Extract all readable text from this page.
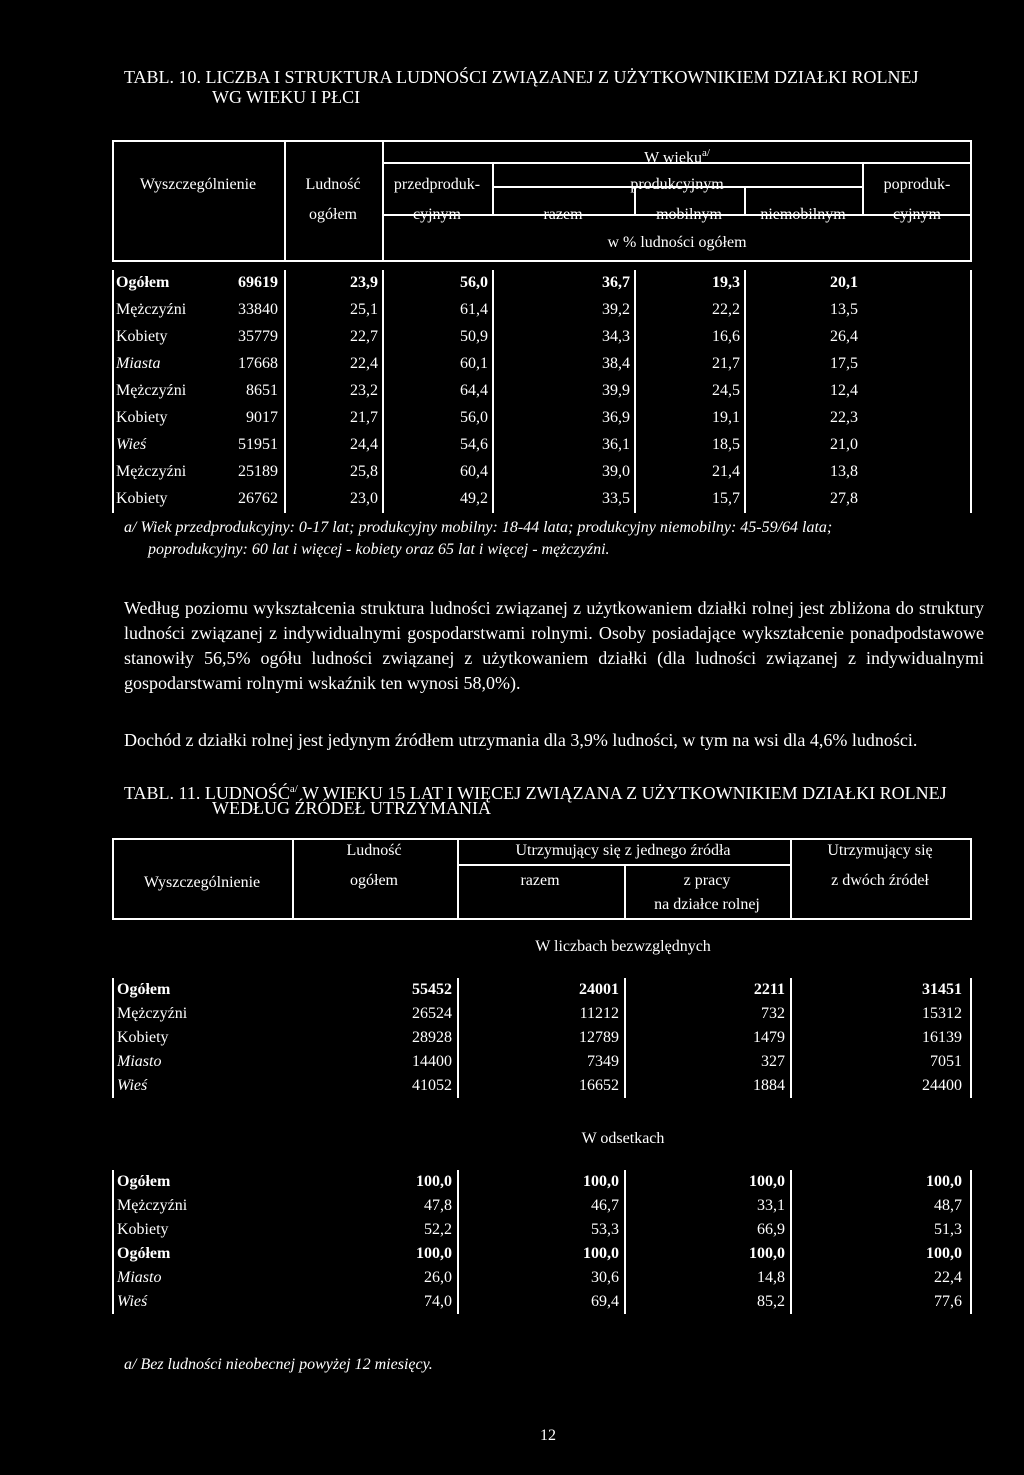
TABL. 10. LICZBA I STRUKTURA LUDNOŚCI ZWIĄZANEJ Z UŻYTKOWNIKIEM DZIAŁKI ROLNEJ
WG WIEKU I PŁCI
Wyszczególnienie	Ludność
ogółem
W wieku$^{a/}$
przedproduk-
cyjnym
produkcyjnym
razem	mobilnym niemobilnym
poproduk-
cyjnym
w % ludności ogółem
Ogółem	69619	23,9	56,0	36,7	19,3	20,1
Mężczyźni	33840	25,1	61,4	39,2	22,2	13,5
Kobiety	35779	22,7	50,9	34,3	16,6	26,4
Miasta	17668	22,4	60,1	38,4	21,7	17,5
Mężczyźni	8651	23,2	64,4	39,9	24,5	12,4
Kobiety	9017	21,7	56,0	36,9	19,1	22,3
Wieś	51951	24,4	54,6	36,1	18,5	21,0
Mężczyźni	25189	25,8	60,4	39,0	21,4	13,8
Kobiety	26762	23,0	49,2	33,5	15,7	27,8
a/ Wiek przedprodukcyjny: 0-17 lat; produkcyjny mobilny: 18-44 lata; produkcyjny niemobilny: 45-59/64 lata;
poprodukcyjny: 60 lat i więcej - kobiety oraz 65 lat i więcej - mężczyźni.
Według poziomu wykształcenia struktura ludności związanej z użytkowaniem działki rolnej jest zbliżona do struktury ludności związanej z indywidualnymi gospodarstwami rolnymi. Osoby posiadające wykształcenie ponadpodstawowe stanowiły 56,5% ogółu ludności związanej z użytkowaniem działki (dla ludności związanej z indywidualnymi gospodarstwami rolnymi wskaźnik ten wynosi 58,0%).
Dochód z działki rolnej jest jedynym źródłem utrzymania dla 3,9% ludności, w tym na wsi dla 4,6% ludności.
TABL. 11. $LUDNOŚĆ^{a/}$ W WIEKU 15 LAT I WIĘCEJ ZWIĄZANA Z UŻYTKOWNIKIEM DZIAŁKI ROLNEJ
WEDŁUG ŹRÓDEŁ UTRZYMANIA
Wyszczególnienie
Ludność
ogółem
Utrzymujący się z jednego źródła
razem	z pracy
na działce rolnej
Utrzymujący się
z dwóch źródeł
W liczbach bezwzględnych
W odsetkach
Ogółem	55452	24001	2211	31451
Mężczyźni	26524	11212	732	15312
Kobiety	28928	12789	1479	16139
Miasto	14400	7349	327	7051
Wieś	41052	16652	1884	24400
Ogółem	100,0	100,0	100,0	100,0
Mężczyźni	47,8	46,7	33,1	48,7
Kobiety	52,2	53,3	66,9	51,3
Ogółem	100,0	100,0	100,0	100,0
Miasto	26,0	30,6	14,8	22,4
Wieś	74,0	69,4	85,2	77,6
a/ Bez ludności nieobecnej powyżej 12 miesięcy.
12
